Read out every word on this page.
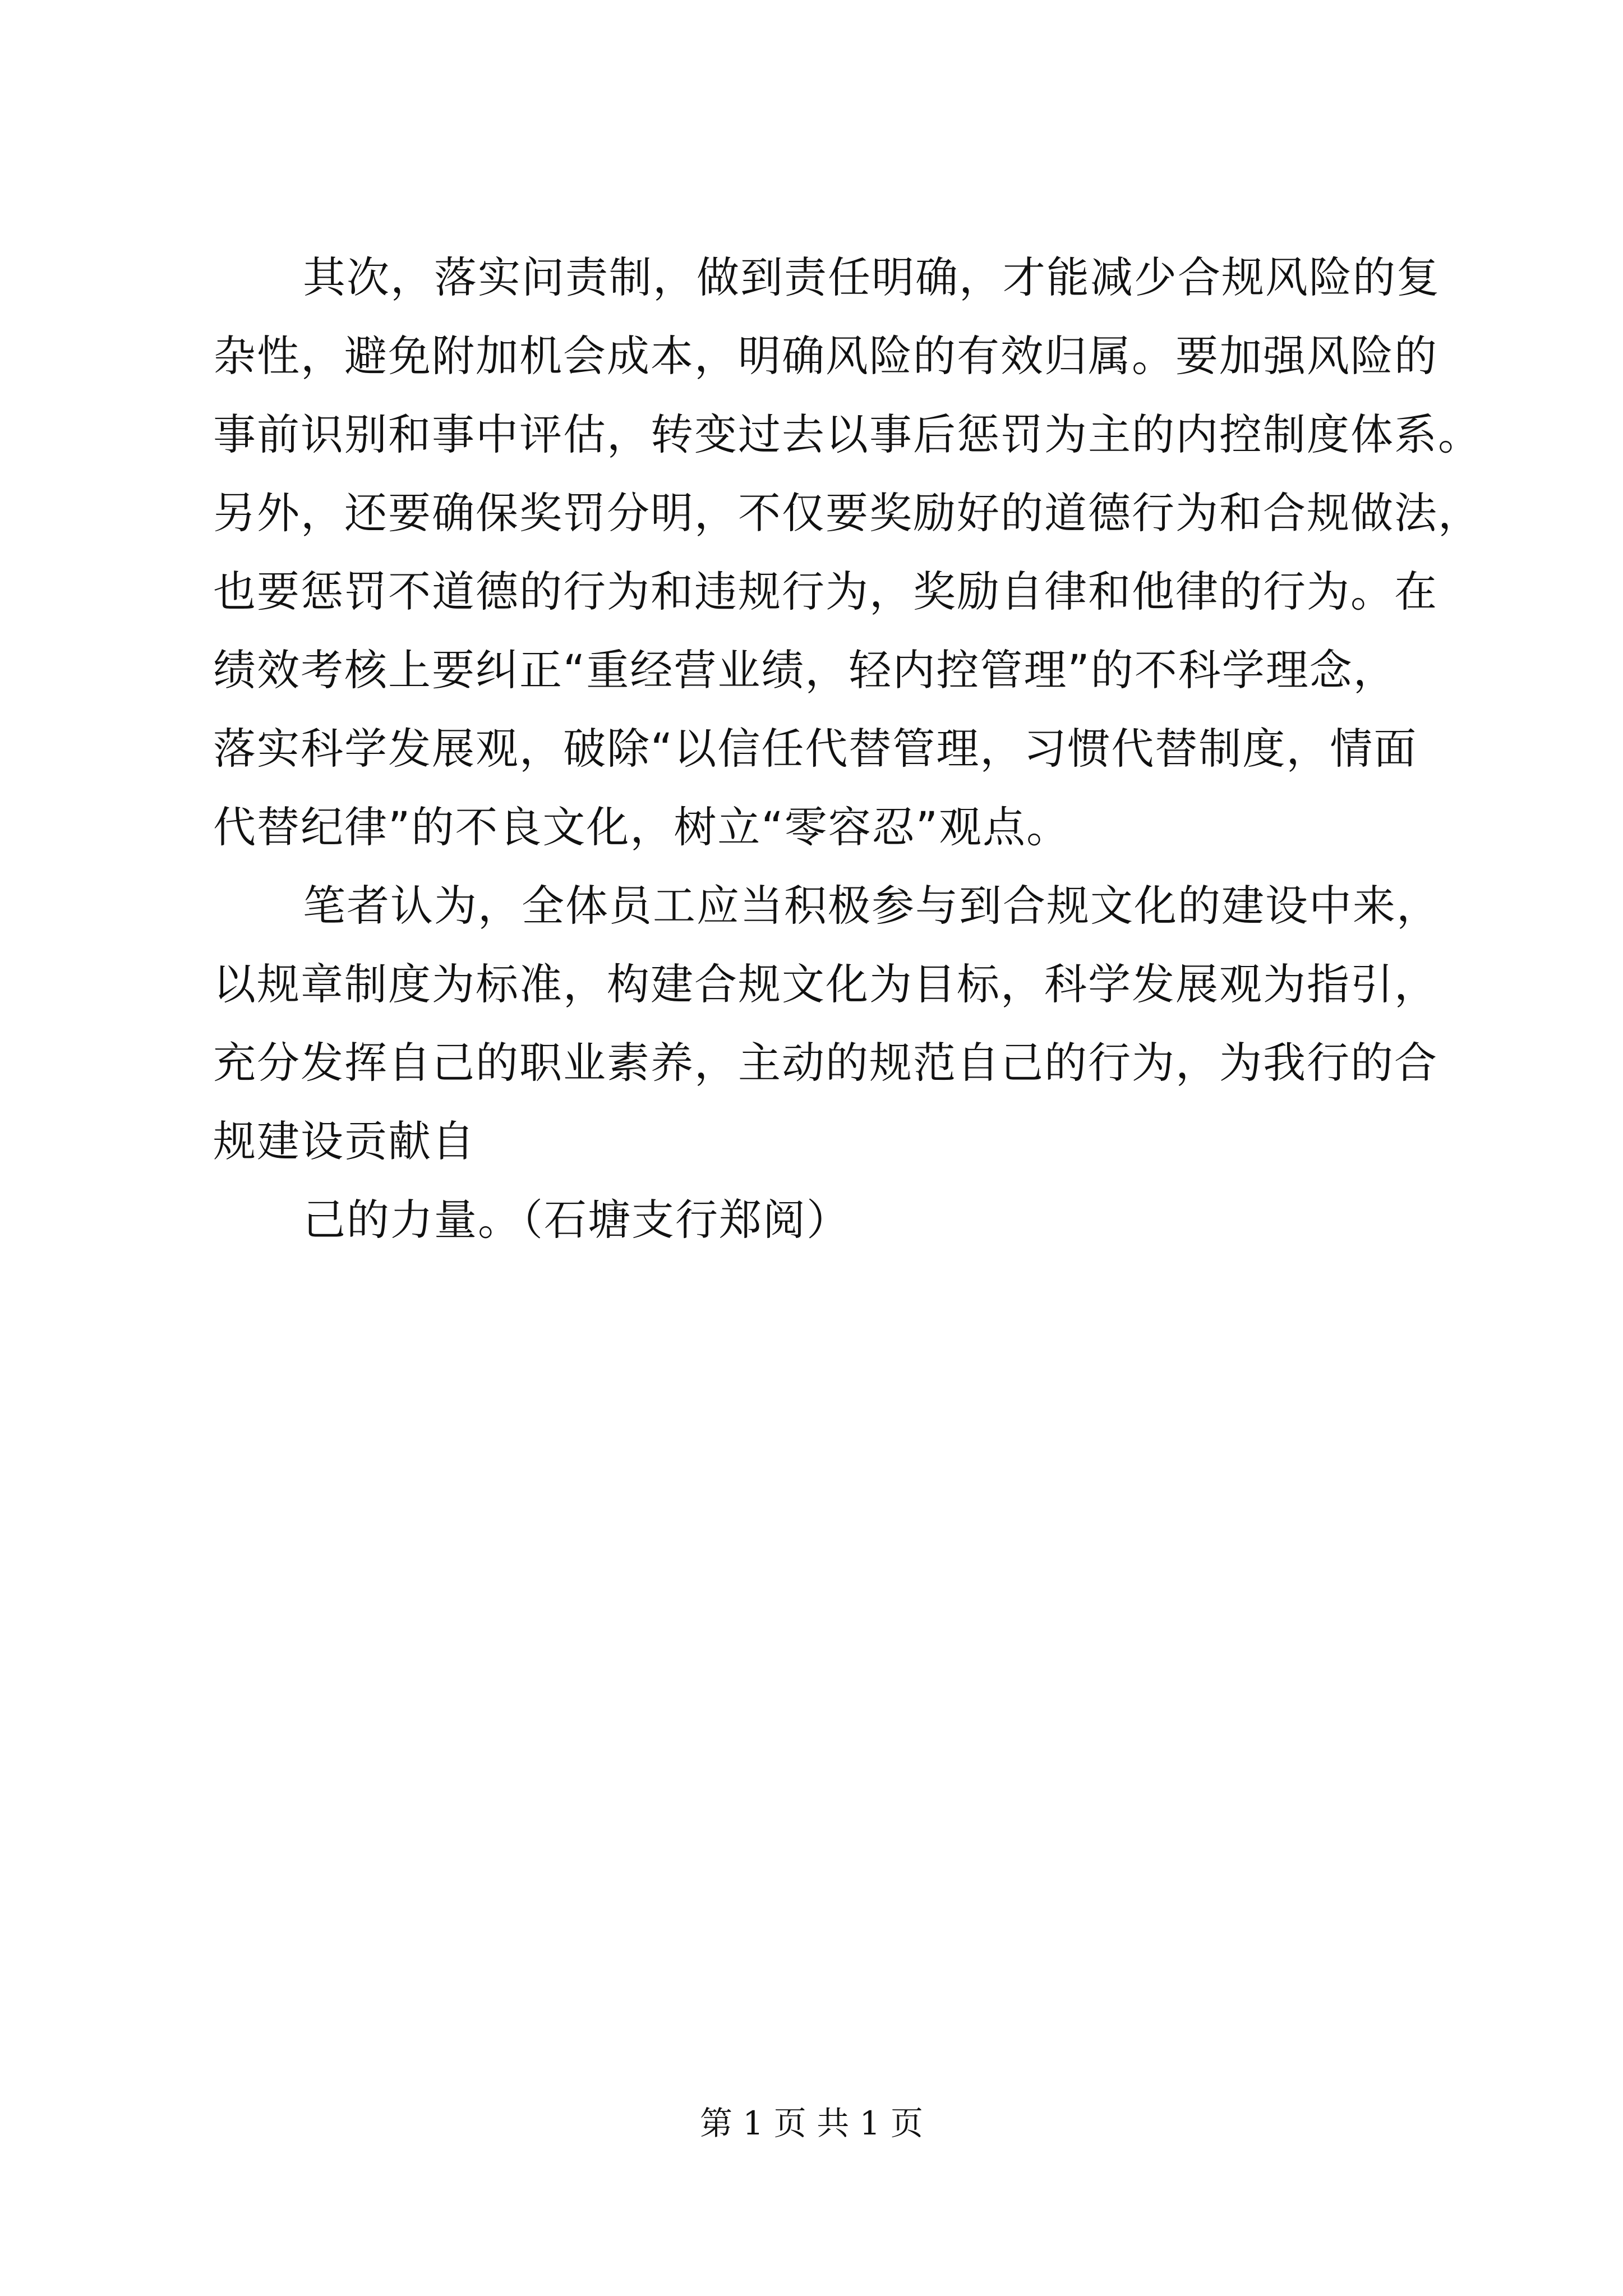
其次，落实问责制，做到责任明确，才能减少合规风险的复
杂性，避免附加机会成本，明确风险的有效归属。要加强风险的
事前识别和事中评估，转变过去以事后惩罚为主的内控制度体系。
另外，还要确保奖罚分明，不仅要奖励好的道德行为和合规做法，
也要惩罚不道德的行为和违规行为，奖励自律和他律的行为。在
绩效考核上要纠正“重经营业绩，轻内控管理”的不科学理念，
落实科学发展观，破除“以信任代替管理，习惯代替制度，情面
代替纪律”的不良文化，树立“零容忍”观点。
笔者认为，全体员工应当积极参与到合规文化的建设中来，
以规章制度为标准，构建合规文化为目标，科学发展观为指引，
充分发挥自己的职业素养，主动的规范自己的行为，为我行的合
规建设贡献自
己的力量。（石塘支行郑阅）
第 1 页 共 1 页
